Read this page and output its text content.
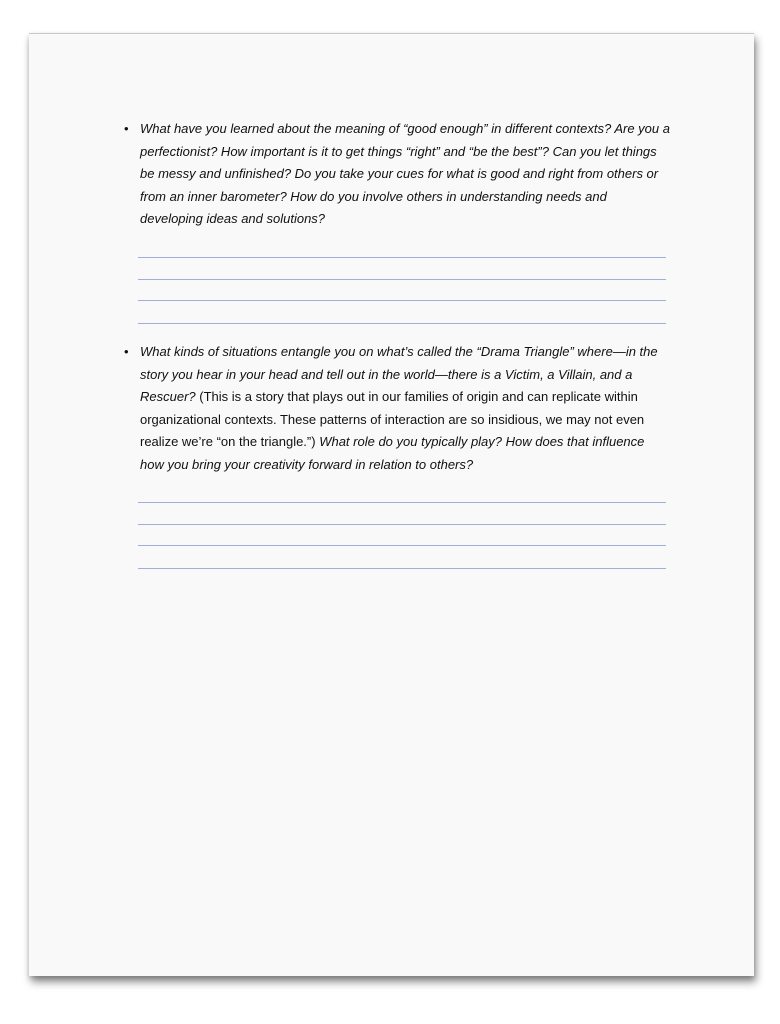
• What have you learned about the meaning of “good enough” in different contexts? Are you a perfectionist? How important is it to get things “right” and “be the best”? Can you let things be messy and unfinished? Do you take your cues for what is good and right from others or from an inner barometer? How do you involve others in understanding needs and developing ideas and solutions?

• What kinds of situations entangle you on what’s called the “Drama Triangle” where—in the story you hear in your head and tell out in the world—there is a Victim, a Villain, and a Rescuer? (This is a story that plays out in our families of origin and can replicate within organizational contexts. These patterns of interaction are so insidious, we may not even realize we’re “on the triangle.”) What role do you typically play? How does that influence how you bring your creativity forward in relation to others?
